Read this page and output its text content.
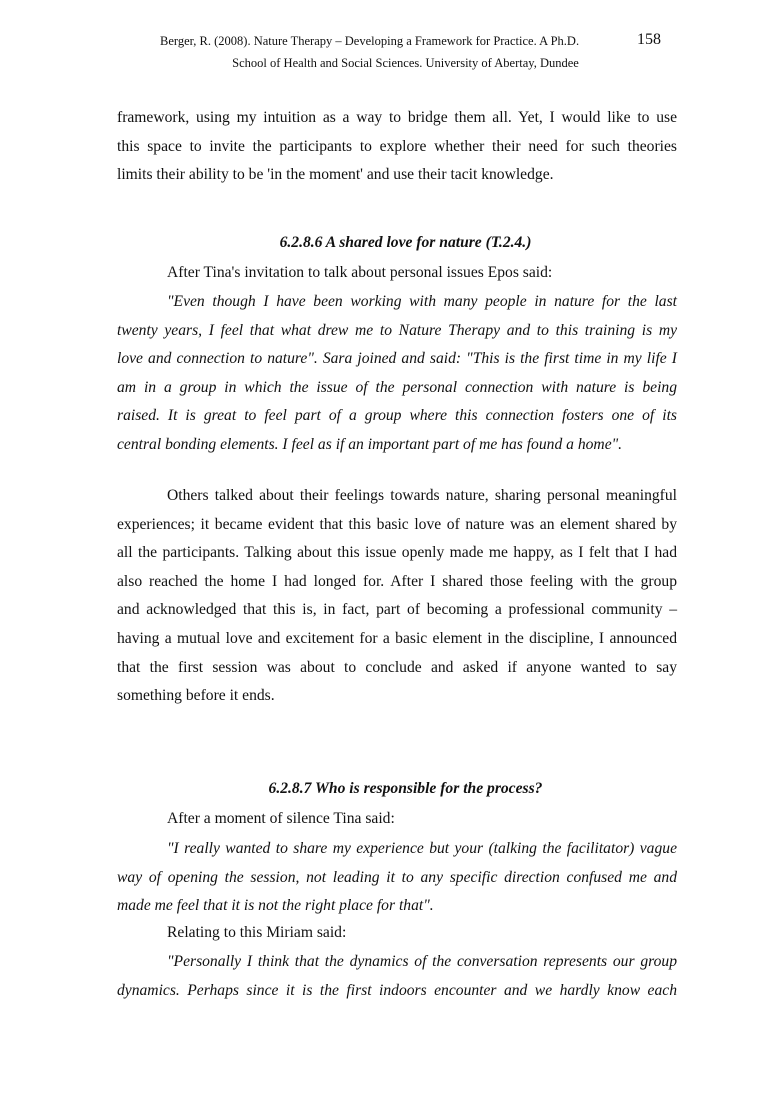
Berger, R. (2008). Nature Therapy – Developing a Framework for Practice. A Ph.D.	158
School of Health and Social Sciences. University of Abertay, Dundee
framework, using my intuition as a way to bridge them all. Yet, I would like to use
this space to invite the participants to explore whether their need for such theories
limits their ability to be 'in the moment' and use their tacit knowledge.
6.2.8.6 A shared love for nature (T.2.4.)
After Tina's invitation to talk about personal issues Epos said:
"Even though I have been working with many people in nature for the last
twenty years, I feel that what drew me to Nature Therapy and to this training is my
love and connection to nature". Sara joined and said: "This is the first time in my life I
am in a group in which the issue of the personal connection with nature is being
raised. It is great to feel part of a group where this connection fosters one of its
central bonding elements. I feel as if an important part of me has found a home".
Others talked about their feelings towards nature, sharing personal meaningful
experiences; it became evident that this basic love of nature was an element shared by
all the participants. Talking about this issue openly made me happy, as I felt that I had
also reached the home I had longed for. After I shared those feeling with the group
and acknowledged that this is, in fact, part of becoming a professional community –
having a mutual love and excitement for a basic element in the discipline, I announced
that the first session was about to conclude and asked if anyone wanted to say
something before it ends.
6.2.8.7 Who is responsible for the process?
After a moment of silence Tina said:
"I really wanted to share my experience but your (talking the facilitator) vague
way of opening the session, not leading it to any specific direction confused me and
made me feel that it is not the right place for that".
Relating to this Miriam said:
"Personally I think that the dynamics of the conversation represents our group
dynamics. Perhaps since it is the first indoors encounter and we hardly know each
